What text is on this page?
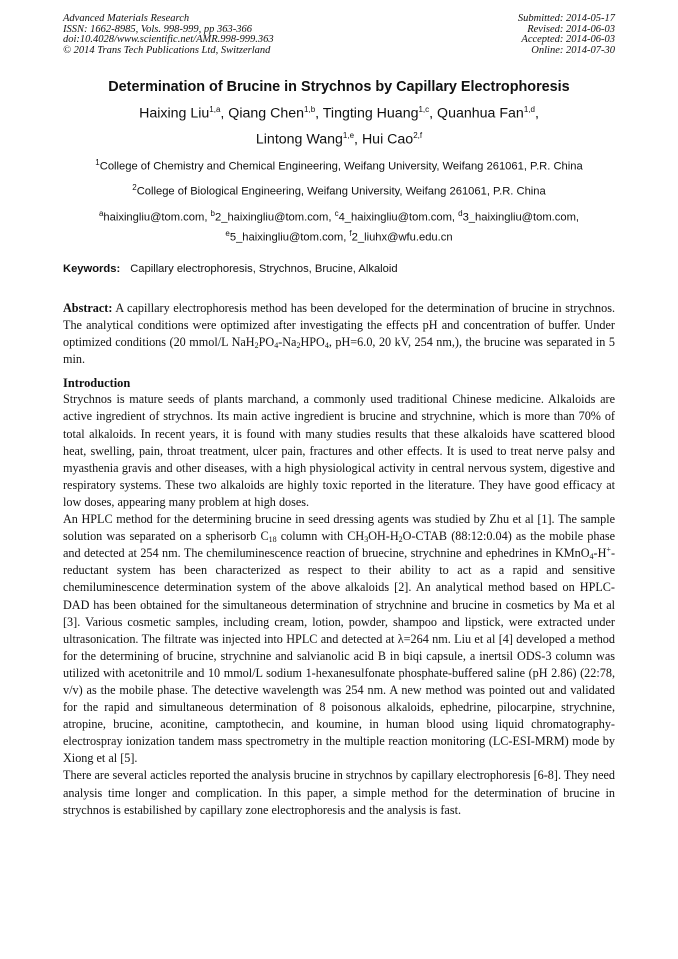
Advanced Materials Research
ISSN: 1662-8985, Vols. 998-999, pp 363-366
doi:10.4028/www.scientific.net/AMR.998-999.363
© 2014 Trans Tech Publications Ltd, Switzerland
Submitted: 2014-05-17
Revised: 2014-06-03
Accepted: 2014-06-03
Online: 2014-07-30
Determination of Brucine in Strychnos by Capillary Electrophoresis
Haixing Liu$^{1,a}$, Qiang Chen$^{1,b}$, Tingting Huang$^{1,c}$, Quanhua Fan$^{1,d}$,
Lintong Wang$^{1,e}$, Hui Cao$^{2,f}$
$^1$College of Chemistry and Chemical Engineering, Weifang University, Weifang 261061, P.R. China
$^2$College of Biological Engineering, Weifang University, Weifang 261061, P.R. China
$^a$haixingliu@tom.com, $^b$2_haixingliu@tom.com, $^c$4_haixingliu@tom.com, $^d$3_haixingliu@tom.com,
$^e$5_haixingliu@tom.com, $^f$2_liuhx@wfu.edu.cn
Keywords: Capillary electrophoresis, Strychnos, Brucine, Alkaloid

Abstract: A capillary electrophoresis method has been developed for the determination of brucine in strychnos. The analytical conditions were optimized after investigating the effects pH and concentration of buffer. Under optimized conditions (20 mmol/L $NaH_2PO_4-Na_2HPO_4$, pH=6.0, 20 kV, 254 nm,), the brucine was separated in 5 min.

Introduction

Strychnos is mature seeds of plants marchand, a commonly used traditional Chinese medicine. Alkaloids are active ingredient of strychnos. Its main active ingredient is brucine and strychnine, which is more than 70% of total alkaloids. In recent years, it is found with many studies results that these alkaloids have scattered blood heat, swelling, pain, throat treatment, ulcer pain, fractures and other effects. It is used to treat nerve palsy and myasthenia gravis and other diseases, with a high physiological activity in central nervous system, digestive and respiratory systems. These two alkaloids are highly toxic reported in the literature. They have good efficacy at low doses, appearing many problem at high doses.

An HPLC method for the determining brucine in seed dressing agents was studied by Zhu et al [1]. The sample solution was separated on a spherisorb $C_{18}$ column with $CH_3OH-H_2O$-CTAB (88:12:0.04) as the mobile phase and detected at 254 nm. The chemiluminescence reaction of bruecine, strychnine and ephedrines in KMnO$_4$-H+-reductant system has been characterized as respect to their ability to act as a rapid and sensitive chemiluminescence determination system of the above alkaloids [2]. An analytical method based on HPLC-DAD has been obtained for the simultaneous determination of strychnine and brucine in cosmetics by Ma et al [3]. Various cosmetic samples, including cream, lotion, powder, shampoo and lipstick, were extracted under ultrasonication. The filtrate was injected into HPLC and detected at λ=264 nm. Liu et al [4] developed a method for the determining of brucine, strychnine and salvianolic acid B in biqi capsule, a inertsil ODS-3 column was utilized with acetonitrile and 10 mmol/L sodium 1-hexanesulfonate phosphate-buffered saline (pH 2.86) (22:78, v/v) as the mobile phase. The detective wavelength was 254 nm. A new method was pointed out and validated for the rapid and simultaneous determination of 8 poisonous alkaloids, ephedrine, pilocarpine, strychnine, atropine, brucine, aconitine, camptothecin, and koumine, in human blood using liquid chromatography-electrospray ionization tandem mass spectrometry in the multiple reaction monitoring (LC-ESI-MRM) mode by Xiong et al [5].

There are several acticles reported the analysis brucine in strychnos by capillary electrophoresis [6-8]. They need analysis time longer and complication. In this paper, a simple method for the determination of brucine in strychnos is estabilished by capillary zone electrophoresis and the analysis is fast.
